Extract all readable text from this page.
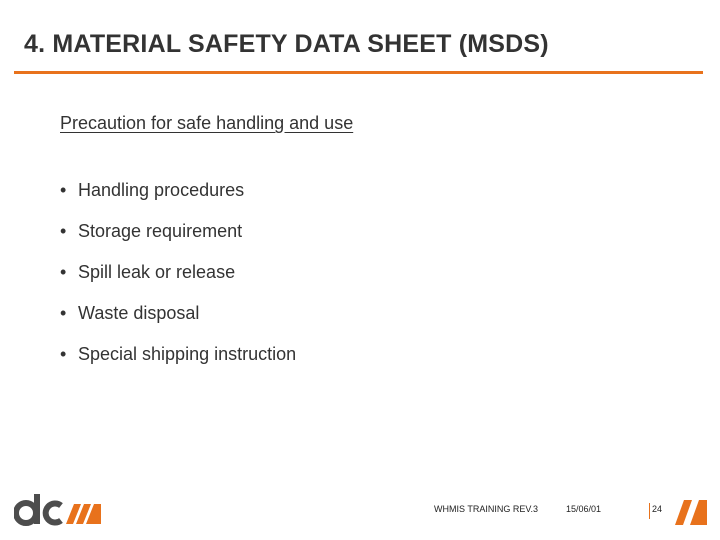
4. MATERIAL SAFETY DATA SHEET (MSDS)

Precaution for safe handling and use

• Handling procedures
• Storage requirement
• Spill leak or release
• Waste disposal
• Special shipping instruction
WHMIS TRAINING REV.3	15/06/01	24
